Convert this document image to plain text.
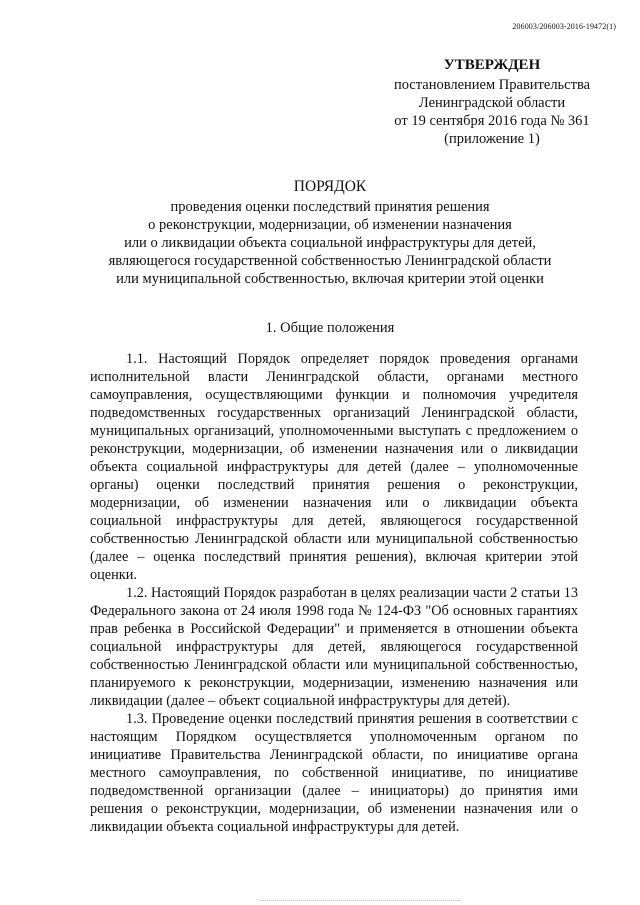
206003/206003-2016-19472(1)
УТВЕРЖДЕН
постановлением Правительства
Ленинградской области
от 19 сентября 2016 года № 361
(приложение 1)
ПОРЯДОК
проведения оценки последствий принятия решения
о реконструкции, модернизации, об изменении назначения
или о ликвидации объекта социальной инфраструктуры для детей,
являющегося государственной собственностью Ленинградской области
или муниципальной собственностью, включая критерии этой оценки
1. Общие положения

1.1. Настоящий Порядок определяет порядок проведения органами исполнительной власти Ленинградской области, органами местного самоуправления, осуществляющими функции и полномочия учредителя подведомственных государственных организаций Ленинградской области, муниципальных организаций, уполномоченными выступать с предложением о реконструкции, модернизации, об изменении назначения или о ликвидации объекта социальной инфраструктуры для детей (далее – уполномоченные органы) оценки последствий принятия решения о реконструкции, модернизации, об изменении назначения или о ликвидации объекта социальной инфраструктуры для детей, являющегося государственной собственностью Ленинградской области или муниципальной собственностью (далее – оценка последствий принятия решения), включая критерии этой оценки.

1.2. Настоящий Порядок разработан в целях реализации части 2 статьи 13 Федерального закона от 24 июля 1998 года № 124-ФЗ "Об основных гарантиях прав ребенка в Российской Федерации" и применяется в отношении объекта социальной инфраструктуры для детей, являющегося государственной собственностью Ленинградской области или муниципальной собственностью, планируемого к реконструкции, модернизации, изменению назначения или ликвидации (далее – объект социальной инфраструктуры для детей).

1.3. Проведение оценки последствий принятия решения в соответствии с настоящим Порядком осуществляется уполномоченным органом по инициативе Правительства Ленинградской области, по инициативе органа местного самоуправления, по собственной инициативе, по инициативе подведомственной организации (далее – инициаторы) до принятия ими решения о реконструкции, модернизации, об изменении назначения или о ликвидации объекта социальной инфраструктуры для детей.
